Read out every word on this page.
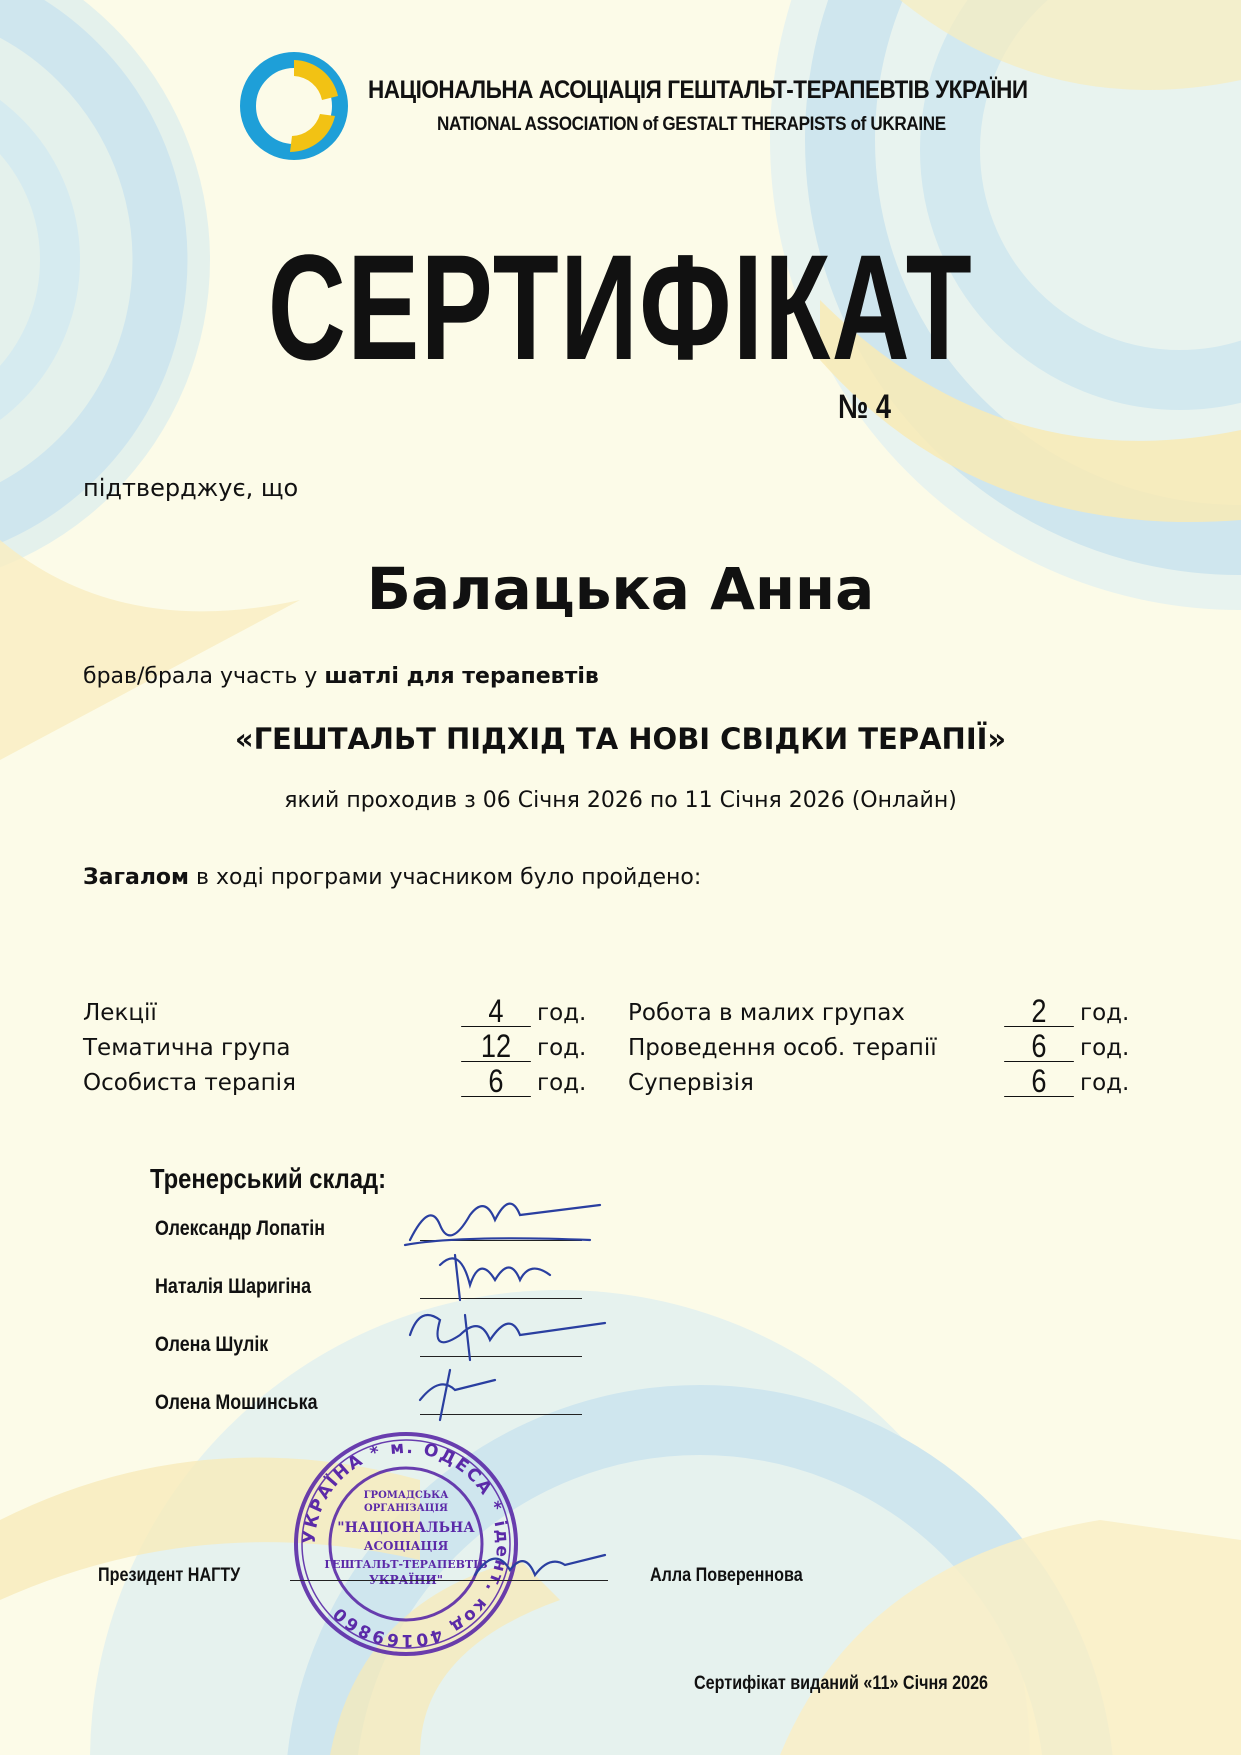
НАЦІОНАЛЬНА АСОЦІАЦІЯ ГЕШТАЛЬТ-ТЕРАПЕВТІВ УКРАЇНИ
NATIONAL ASSOCIATION of GESTALT THERAPISTS of UKRAINE
СЕРТИФІКАТ
№ 4
підтверджує, що
Балацька Анна
брав/брала участь у шатлі для терапевтів
«ГЕШТАЛЬТ ПІДХІД ТА НОВІ СВІДКИ ТЕРАПІЇ»
який проходив з 06 Січня 2026 по 11 Січня 2026 (Онлайн)
Загалом в ході програми учасником було пройдено:
Лекції	4	год.
Тематична група	12	год.
Особиста терапія	6	год.
Робота в малих групах	2	год.
Проведення особ. терапії	6	год.
Супервізія	6	год.
Тренерський склад:
Олександр Лопатін
Наталія Шаригіна
Олена Шулік
Олена Мошинська
УКРАЇНА * м. ОДЕСА * ідент. код 40169860
ГРОМАДСЬКА
ОРГАНІЗАЦІЯ
"НАЦІОНАЛЬНА
АСОЦІАЦІЯ
ГЕШТАЛЬТ-ТЕРАПЕВТІВ
УКРАЇНИ"
Президент НАГТУ	Алла Повереннова
Сертифікат виданий «11» Січня 2026
